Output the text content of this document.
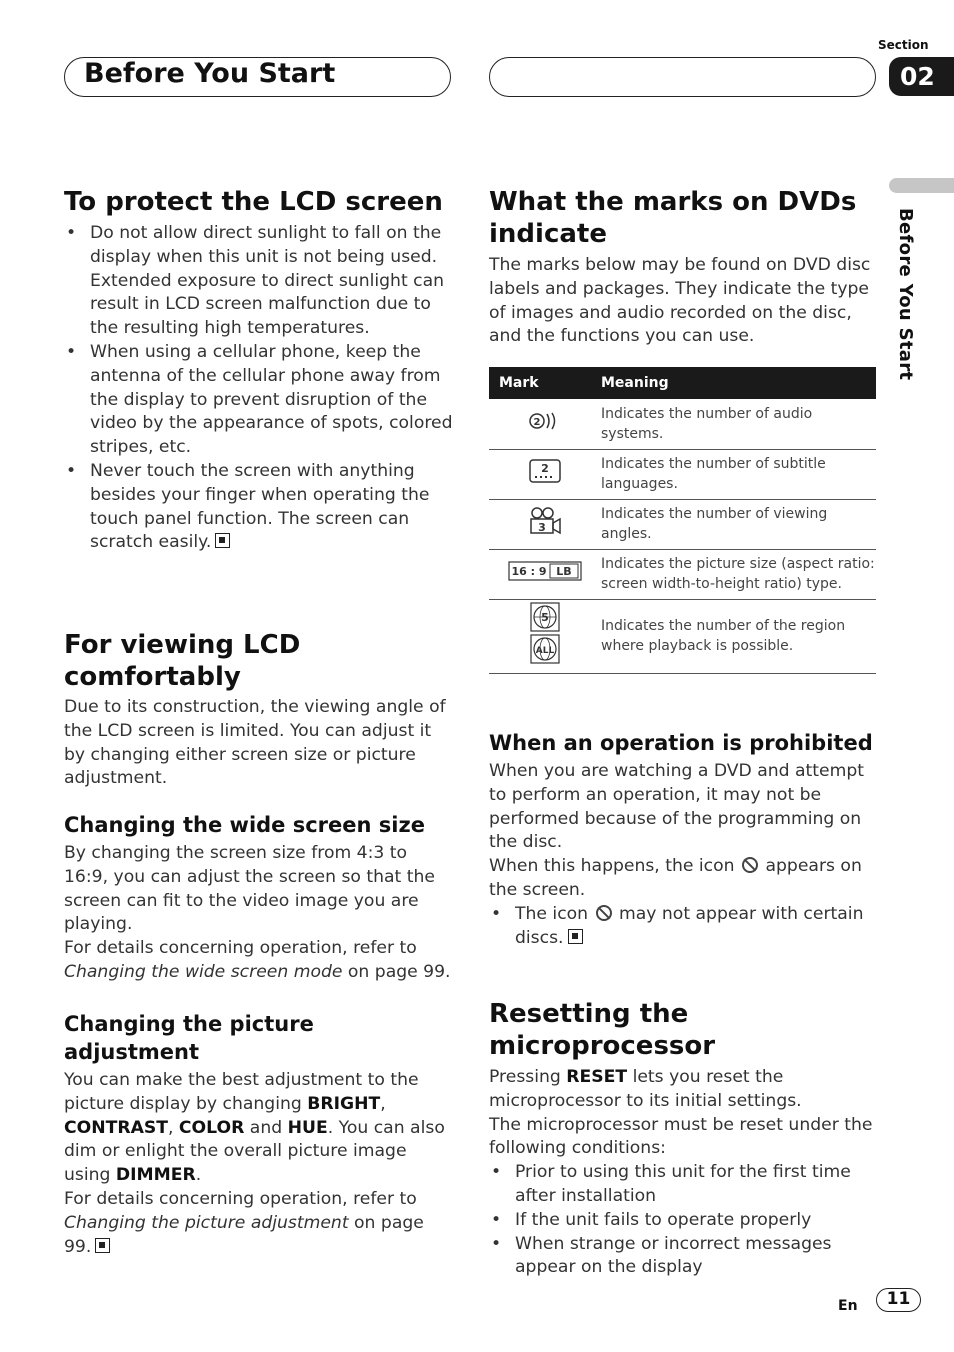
Before You Start
Section
02
Before You Start
To protect the LCD screen
• Do not allow direct sunlight to fall on the display when this unit is not being used. Extended exposure to direct sunlight can result in LCD screen malfunction due to the resulting high temperatures.
• When using a cellular phone, keep the antenna of the cellular phone away from the display to prevent disruption of the video by the appearance of spots, colored stripes, etc.
• Never touch the screen with anything besides your finger when operating the touch panel function. The screen can scratch easily.
For viewing LCD comfortably

Due to its construction, the viewing angle of the LCD screen is limited. You can adjust it by changing either screen size or picture adjustment.

Changing the wide screen size

By changing the screen size from 4:3 to 16:9, you can adjust the screen so that the screen can fit to the video image you are playing.

For details concerning operation, refer to Changing the wide screen mode on page 99.

Changing the picture adjustment

You can make the best adjustment to the picture display by changing BRIGHT, CONTRAST, COLOR and HUE. You can also dim or enlight the overall picture image using DIMMER.

For details concerning operation, refer to Changing the picture adjustment on page 99.

What the marks on DVDs indicate

The marks below may be found on DVD disc labels and packages. They indicate the type of images and audio recorded on the disc, and the functions you can use.

Mark	Meaning

2	Indicates the number of audio systems.

2	Indicates the number of subtitle languages.

3	Indicates the number of viewing angles.

16 : 9 LB	Indicates the picture size (aspect ratio: screen width-to-height ratio) type.

5
ALL	Indicates the number of the region where playback is possible.
When an operation is prohibited

When you are watching a DVD and attempt to perform an operation, it may not be performed because of the programming on the disc.

When this happens, the icon  appears on the screen.

• The icon  may not appear with certain discs.
Resetting the microprocessor

Pressing RESET lets you reset the microprocessor to its initial settings.

The microprocessor must be reset under the following conditions:

• Prior to using this unit for the first time after installation
• If the unit fails to operate properly
• When strange or incorrect messages appear on the display
En	11
